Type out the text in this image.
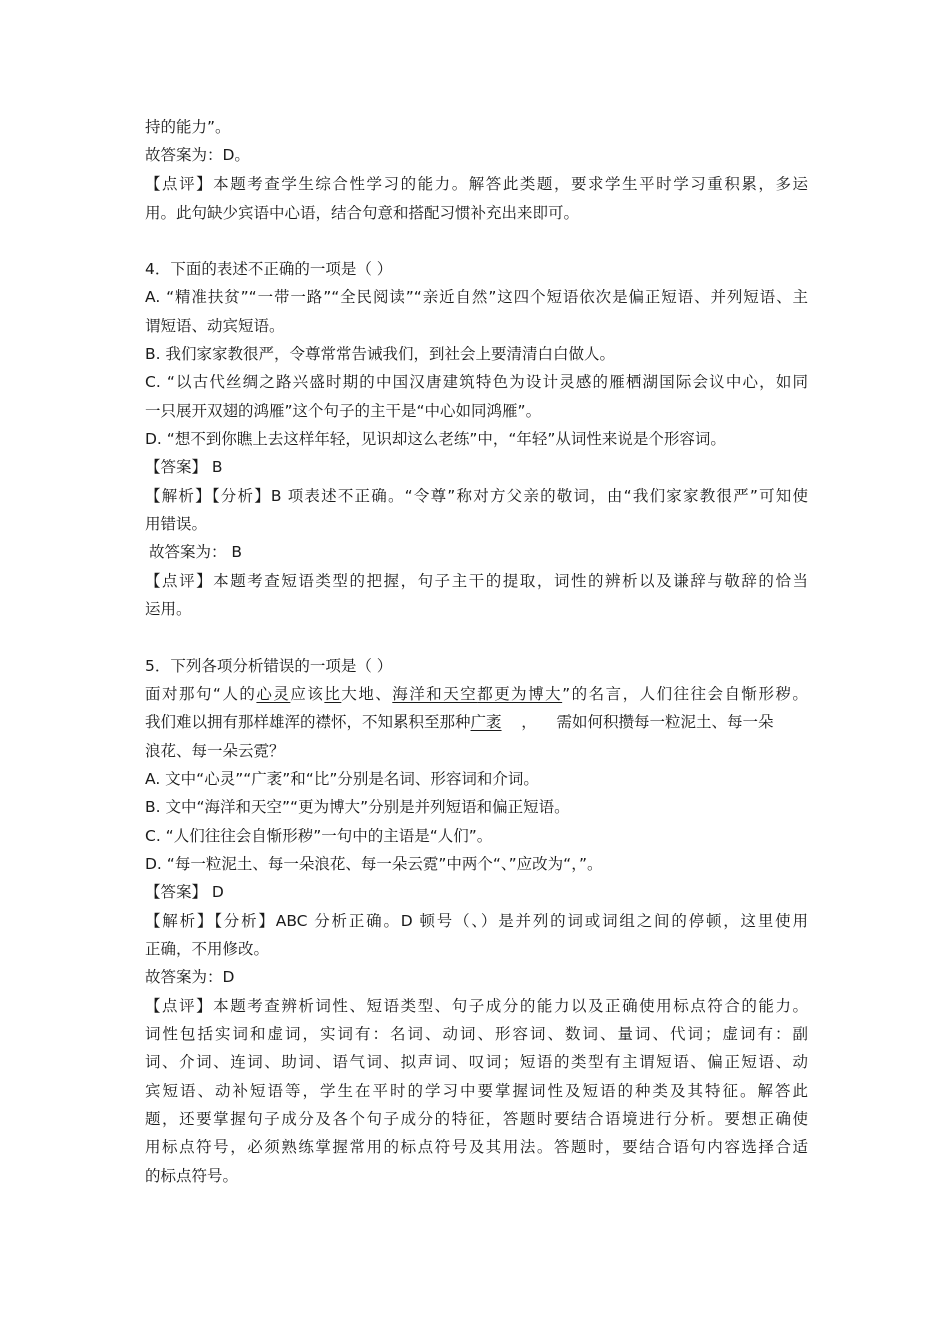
持的能力”。
故答案为：D。
【点评】本题考查学生综合性学习的能力。解答此类题，要求学生平时学习重积累，多运
用。此句缺少宾语中心语，结合句意和搭配习惯补充出来即可。
4．下面的表述不正确的一项是（ ）
A. “精准扶贫”“一带一路”“全民阅读”“亲近自然”这四个短语依次是偏正短语、并列短语、主
谓短语、动宾短语。
B. 我们家家教很严，令尊常常告诫我们，到社会上要清清白白做人。
C. “以古代丝绸之路兴盛时期的中国汉唐建筑特色为设计灵感的雁栖湖国际会议中心，如同
一只展开双翅的鸿雁”这个句子的主干是“中心如同鸿雁”。
D. “想不到你瞧上去这样年轻，见识却这么老练”中，“年轻”从词性来说是个形容词。
【答案】 B
【解析】【分析】B 项表述不正确。“令尊”称对方父亲的敬词，由“我们家家教很严”可知使
用错误。
故答案为： B
【点评】本题考查短语类型的把握，句子主干的提取，词性的辨析以及谦辞与敬辞的恰当
运用。
5．下列各项分析错误的一项是（ ）
面对那句“人的心灵应该比大地、海洋和天空都更为博大”的名言，人们往往会自惭形秽。
我们难以拥有那样雄浑的襟怀，不知累积至那种广袤    ，    需如何积攒每一粒泥土、每一朵
浪花、每一朵云霓？
A. 文中“心灵”“广袤”和“比”分别是名词、形容词和介词。
B. 文中“海洋和天空”“更为博大”分别是并列短语和偏正短语。
C. “人们往往会自惭形秽”一句中的主语是“人们”。
D. “每一粒泥土、每一朵浪花、每一朵云霓”中两个“、”应改为“，”。
【答案】 D
【解析】【分析】ABC 分析正确。D 顿号（、）是并列的词或词组之间的停顿，这里使用
正确，不用修改。
故答案为：D
【点评】本题考查辨析词性、短语类型、句子成分的能力以及正确使用标点符合的能力。
词性包括实词和虚词，实词有：名词、动词、形容词、数词、量词、代词；虚词有：副
词、介词、连词、助词、语气词、拟声词、叹词；短语的类型有主谓短语、偏正短语、动
宾短语、动补短语等，学生在平时的学习中要掌握词性及短语的种类及其特征。解答此
题，还要掌握句子成分及各个句子成分的特征，答题时要结合语境进行分析。要想正确使
用标点符号，必须熟练掌握常用的标点符号及其用法。答题时，要结合语句内容选择合适
的标点符号。
